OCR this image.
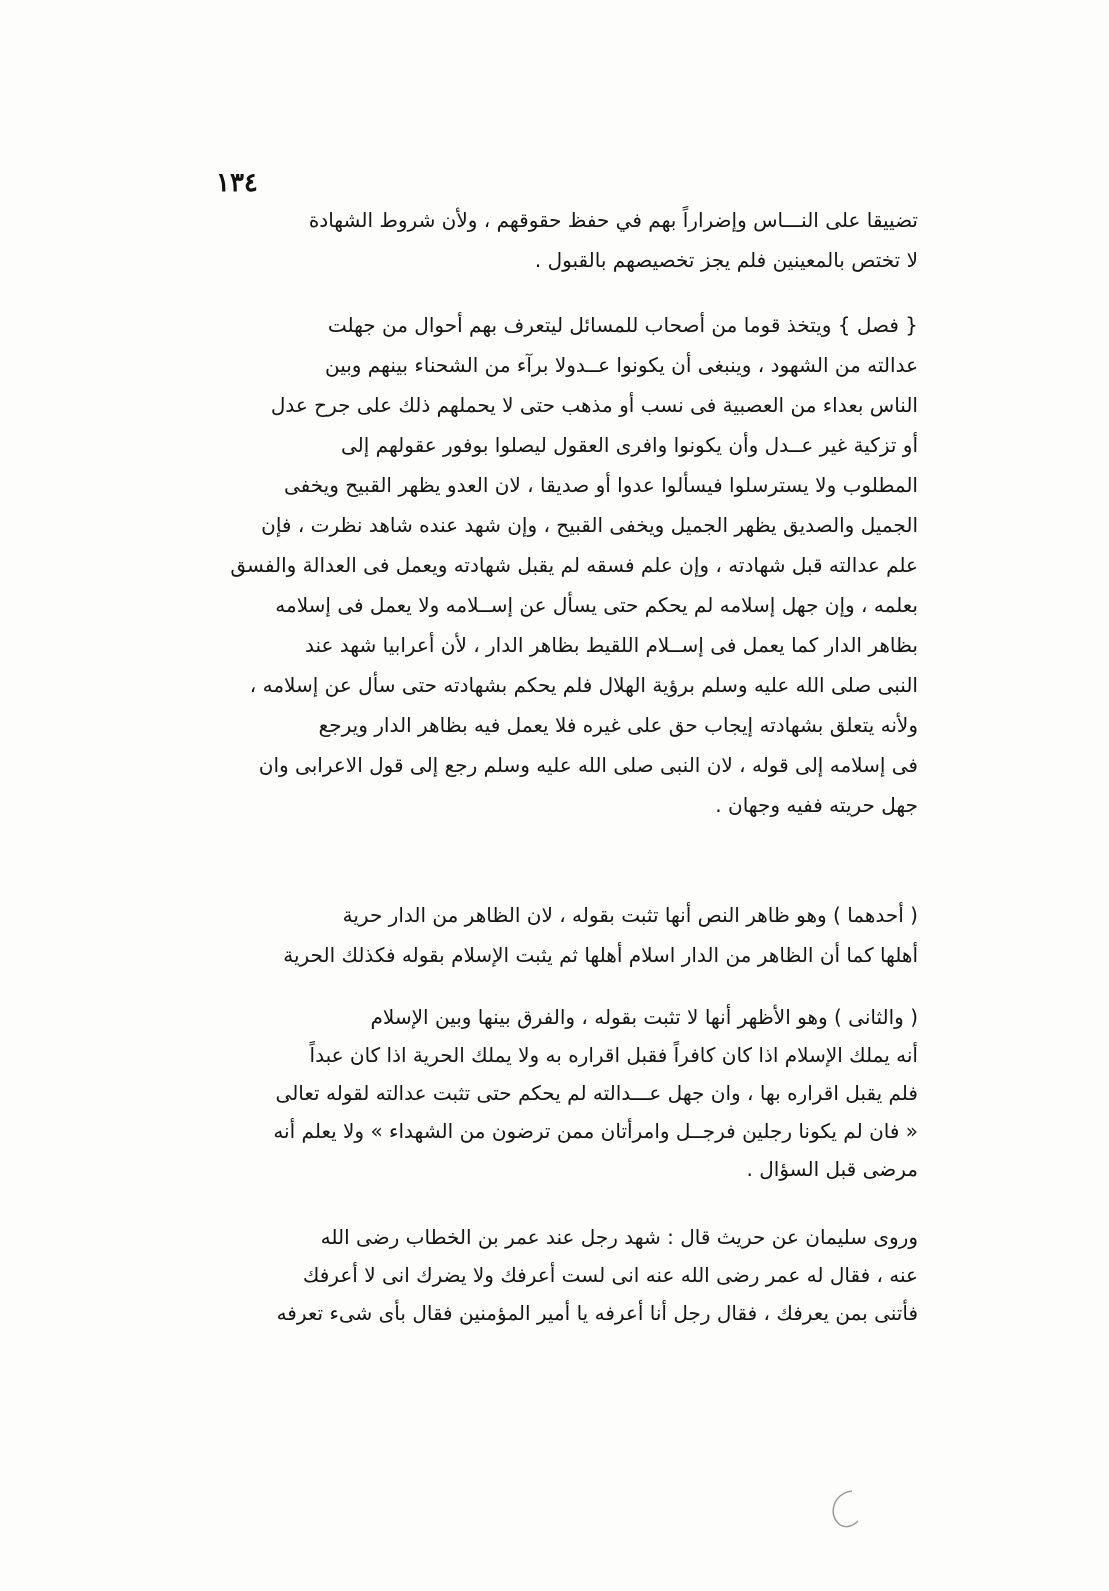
١٣٤
تضييقا على النـــاس وإضراراً بهم في حفظ حقوقهم ، ولأن شروط الشهادة
لا تختص بالمعينين فلم يجز تخصيصهم بالقبول .
{ فصل } ويتخذ قوما من أصحاب للمسائل ليتعرف بهم أحوال من جهلت
عدالته من الشهود ، وينبغى أن يكونوا عــدولا برآء من الشحناء بينهم وبين
الناس بعداء من العصبية فى نسب أو مذهب حتى لا يحملهم ذلك على جرح عدل
أو تزكية غير عــدل وأن يكونوا وافرى العقول ليصلوا بوفور عقولهم إلى
المطلوب ولا يسترسلوا فيسألوا عدوا أو صديقا ، لان العدو يظهر القبيح ويخفى
الجميل والصديق يظهر الجميل ويخفى القبيح ، وإن شهد عنده شاهد نظرت ، فإن
علم عدالته قبل شهادته ، وإن علم فسقه لم يقبل شهادته ويعمل فى العدالة والفسق
بعلمه ، وإن جهل إسلامه لم يحكم حتى يسأل عن إســلامه ولا يعمل فى إسلامه
بظاهر الدار كما يعمل فى إســلام اللقيط بظاهر الدار ، لأن أعرابيا شهد عند
النبى صلى الله عليه وسلم برؤية الهلال فلم يحكم بشهادته حتى سأل عن إسلامه ،
ولأنه يتعلق بشهادته إيجاب حق على غيره فلا يعمل فيه بظاهر الدار ويرجع
فى إسلامه إلى قوله ، لان النبى صلى الله عليه وسلم رجع إلى قول الاعرابى وان
جهل حريته ففيه وجهان .
( أحدهما ) وهو ظاهر النص أنها تثبت بقوله ، لان الظاهر من الدار حرية
أهلها كما أن الظاهر من الدار اسلام أهلها ثم يثبت الإسلام بقوله فكذلك الحرية
( والثانى ) وهو الأظهر أنها لا تثبت بقوله ، والفرق بينها وبين الإسلام
أنه يملك الإسلام اذا كان كافراً فقبل اقراره به ولا يملك الحرية اذا كان عبداً
فلم يقبل اقراره بها ، وان جهل عـــدالته لم يحكم حتى تثبت عدالته لقوله تعالى
« فان لم يكونا رجلين فرجــل وامرأتان ممن ترضون من الشهداء » ولا يعلم أنه
مرضى قبل السؤال .
وروى سليمان عن حريث قال : شهد رجل عند عمر بن الخطاب رضى الله
عنه ، فقال له عمر رضى الله عنه انى لست أعرفك ولا يضرك انى لا أعرفك
فأتنى بمن يعرفك ، فقال رجل أنا أعرفه يا أمير المؤمنين فقال بأى شىء تعرفه
